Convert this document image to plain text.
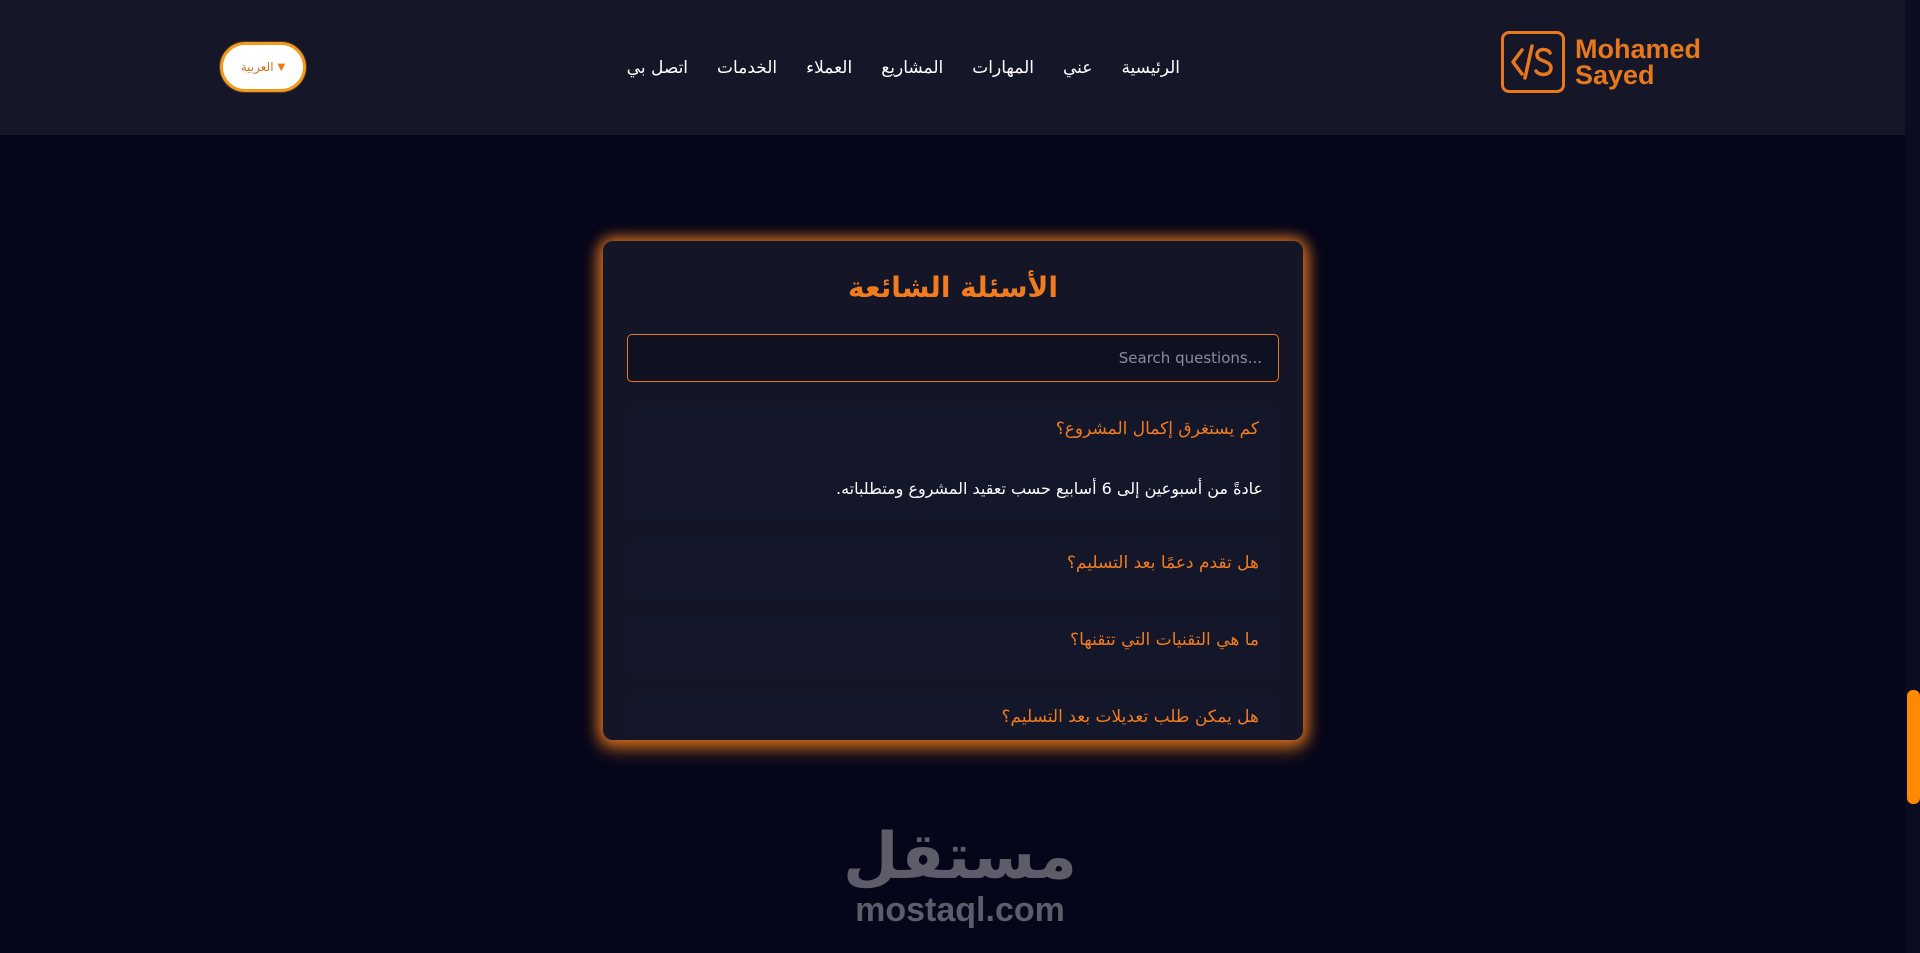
Mohamed
Sayed
الرئيسية
عني
المهارات
المشاريع
العملاء
الخدمات
اتصل بي
العربية ▼
الأسئلة الشائعة
...Search questions
كم يستغرق إكمال المشروع؟
عادةً من أسبوعين إلى 6 أسابيع حسب تعقيد المشروع ومتطلباته.
هل تقدم دعمًا بعد التسليم؟
ما هي التقنيات التي تتقنها؟
هل يمكن طلب تعديلات بعد التسليم؟
مستقل
mostaql.com
